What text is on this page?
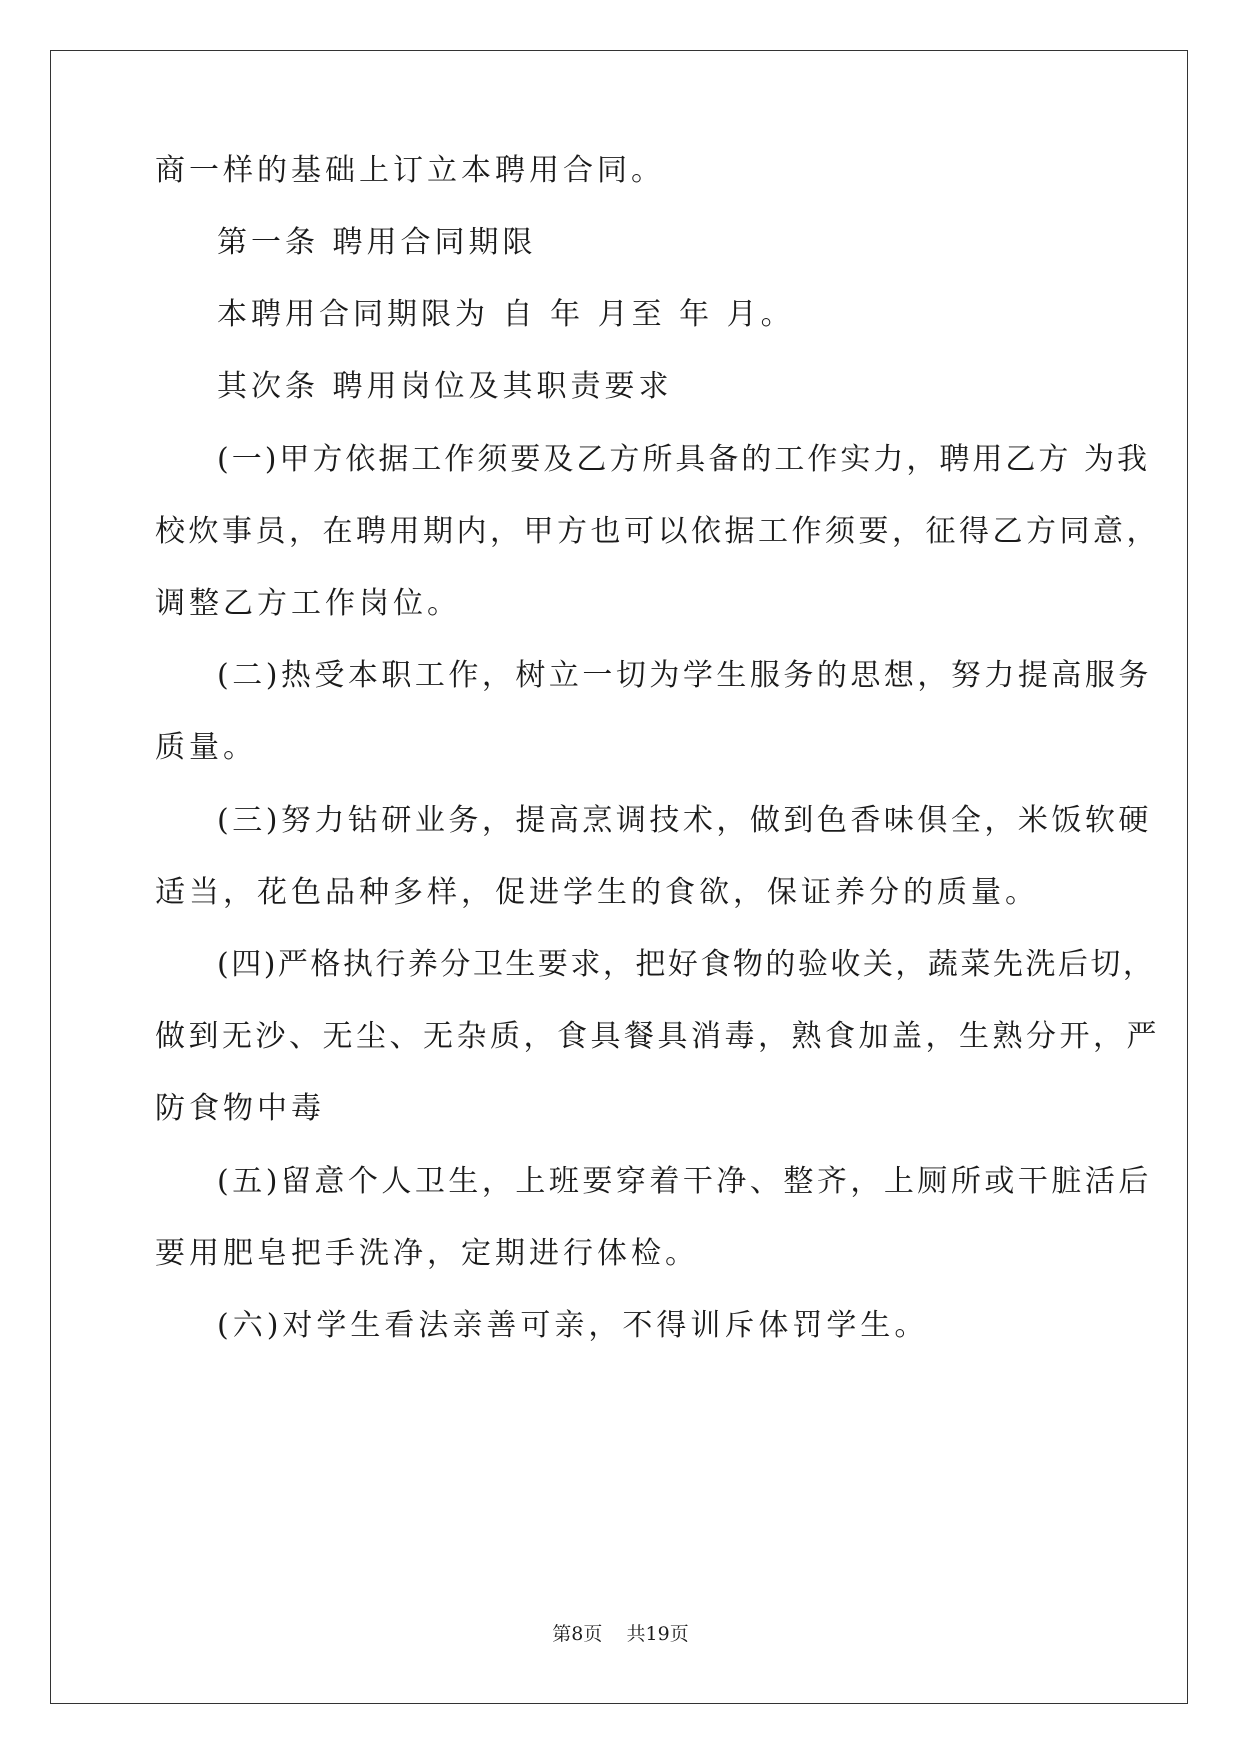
商一样的基础上订立本聘用合同。
第一条 聘用合同期限
本聘用合同期限为 自 年 月至 年 月。
其次条 聘用岗位及其职责要求
(一)甲方依据工作须要及乙方所具备的工作实力，聘用乙方 为我
校炊事员，在聘用期内，甲方也可以依据工作须要，征得乙方同意，
调整乙方工作岗位。
(二)热受本职工作，树立一切为学生服务的思想，努力提高服务
质量。
(三)努力钻研业务，提高烹调技术，做到色香味俱全，米饭软硬
适当，花色品种多样，促进学生的食欲，保证养分的质量。
(四)严格执行养分卫生要求，把好食物的验收关，蔬菜先洗后切，
做到无沙、无尘、无杂质，食具餐具消毒，熟食加盖，生熟分开，严
防食物中毒
(五)留意个人卫生，上班要穿着干净、整齐，上厕所或干脏活后
要用肥皂把手洗净，定期进行体检。
(六)对学生看法亲善可亲，不得训斥体罚学生。
第8页    共19页
